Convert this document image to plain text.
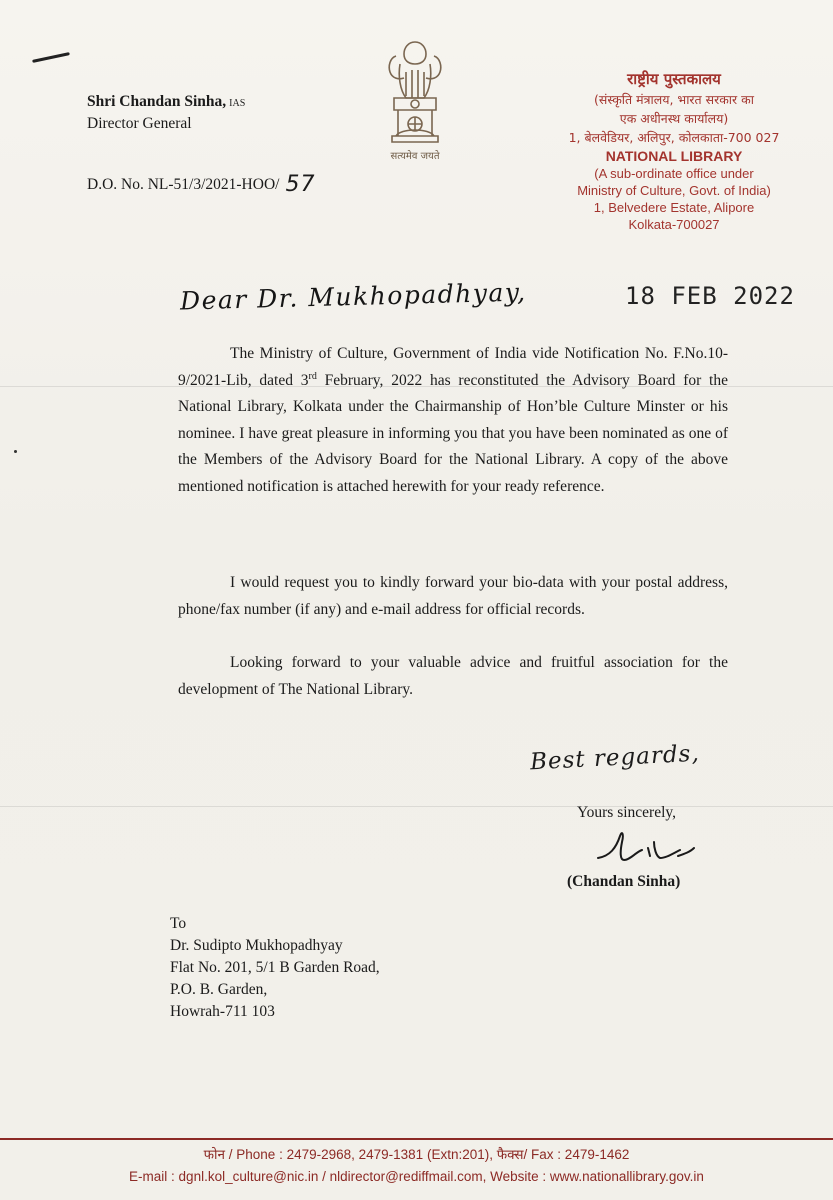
Shri Chandan Sinha, IAS
Director General
सत्यमेव जयते
राष्ट्रीय पुस्तकालय
(संस्कृति मंत्रालय, भारत सरकार का
एक अधीनस्थ कार्यालय)
1, बेलवेडियर, अलिपुर, कोलकाता-700 027
NATIONAL LIBRARY
(A sub-ordinate office under
Ministry of Culture, Govt. of India)
1, Belvedere Estate, Alipore
Kolkata-700027
D.O. No. NL-51/3/2021-HOO/ 57
Dear Dr. Mukhopadhyay,	18 FEB 2022
The Ministry of Culture, Government of India vide Notification No. F.No.10-9/2021-Lib, dated 3rd February, 2022 has reconstituted the Advisory Board for the National Library, Kolkata under the Chairmanship of Hon’ble Culture Minster or his nominee. I have great pleasure in informing you that you have been nominated as one of the Members of the Advisory Board for the National Library. A copy of the above mentioned notification is attached herewith for your ready reference.
I would request you to kindly forward your bio-data with your postal address, phone/fax number (if any) and e-mail address for official records.
Looking forward to your valuable advice and fruitful association for the development of The National Library.
Best regards,
Yours sincerely,
(Chandan Sinha)
To
Dr. Sudipto Mukhopadhyay
Flat No. 201, 5/1 B Garden Road,
P.O. B. Garden,
Howrah-711 103
फोन / Phone : 2479-2968, 2479-1381 (Extn:201), फैक्स/ Fax : 2479-1462
E-mail : dgnl.kol_culture@nic.in / nldirector@rediffmail.com, Website : www.nationallibrary.gov.in
